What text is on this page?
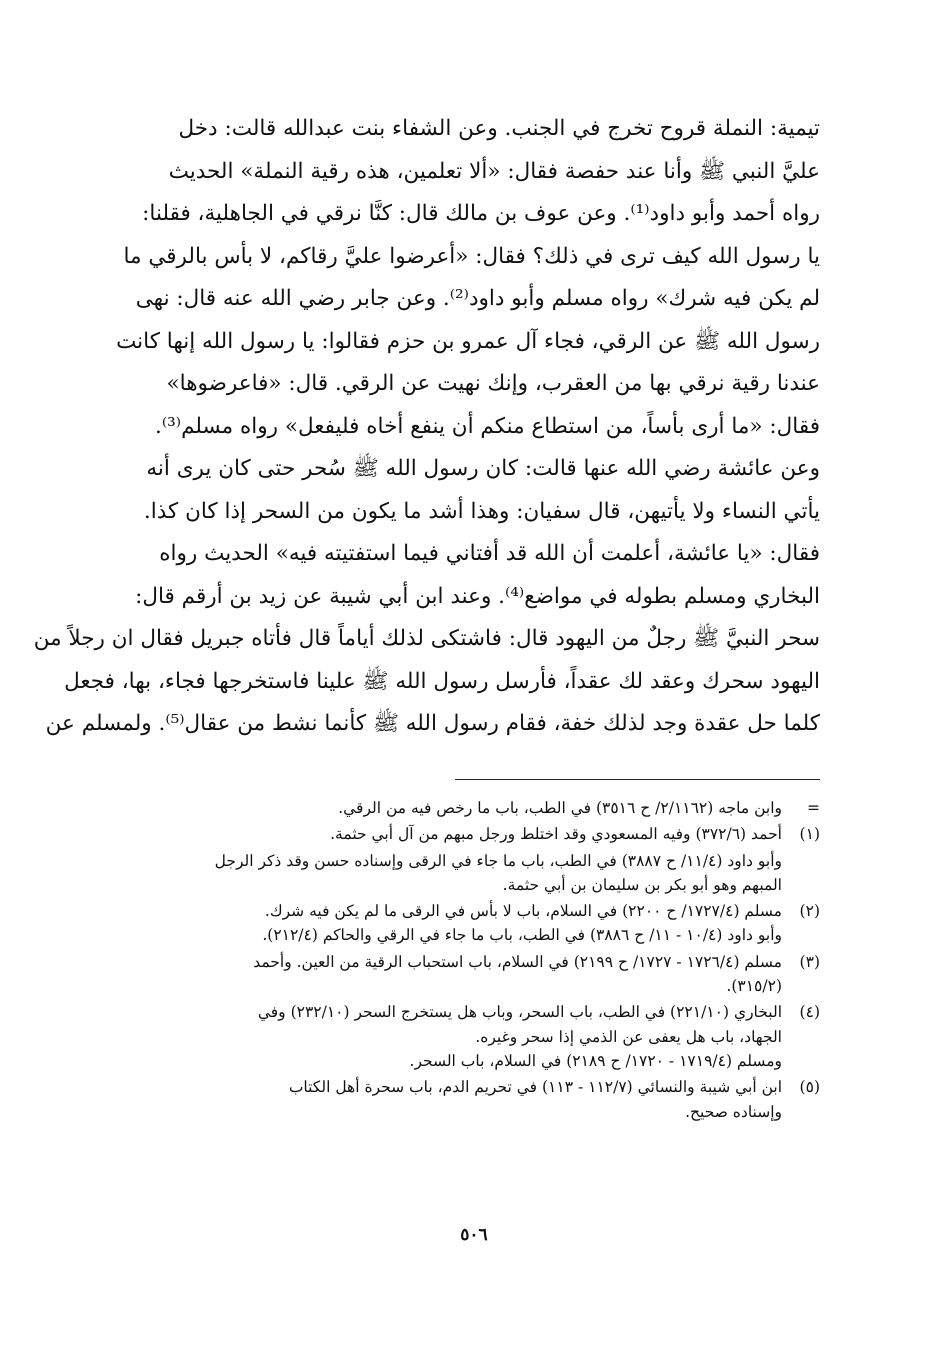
تيمية: النملة قروح تخرج في الجنب. وعن الشفاء بنت عبدالله قالت: دخل
عليَّ النبي ﷺ وأنا عند حفصة فقال: «ألا تعلمين، هذه رقية النملة» الحديث
رواه أحمد وأبو داود⁽¹⁾. وعن عوف بن مالك قال: كنَّا نرقي في الجاهلية، فقلنا:
يا رسول الله كيف ترى في ذلك؟ فقال: «أعرضوا عليَّ رقاكم، لا بأس بالرقي ما
لم يكن فيه شرك» رواه مسلم وأبو داود⁽²⁾. وعن جابر رضي الله عنه قال: نهى
رسول الله ﷺ عن الرقي، فجاء آل عمرو بن حزم فقالوا: يا رسول الله إنها كانت
عندنا رقية نرقي بها من العقرب، وإنك نهيت عن الرقي. قال: «فاعرضوها»
فقال: «ما أرى بأساً، من استطاع منكم أن ينفع أخاه فليفعل» رواه مسلم⁽³⁾.
وعن عائشة رضي الله عنها قالت: كان رسول الله ﷺ سُحر حتى كان يرى أنه
يأتي النساء ولا يأتيهن، قال سفيان: وهذا أشد ما يكون من السحر إذا كان كذا.
فقال: «يا عائشة، أعلمت أن الله قد أفتاني فيما استفتيته فيه» الحديث رواه
البخاري ومسلم بطوله في مواضع⁽⁴⁾. وعند ابن أبي شيبة عن زيد بن أرقم قال:
سحر النبيَّ ﷺ رجلٌ من اليهود قال: فاشتكى لذلك أياماً قال فأتاه جبريل فقال ان رجلاً من
اليهود سحرك وعقد لك عقداً، فأرسل رسول الله ﷺ علينا فاستخرجها فجاء، بها، فجعل
كلما حل عقدة وجد لذلك خفة، فقام رسول الله ﷺ كأنما نشط من عقال⁽⁵⁾. ولمسلم عن
=
وابن ماجه (٢/١١٦٢/ ح ٣٥١٦) في الطب، باب ما رخص فيه من الرقي.
(١)
أحمد (٣٧٢/٦) وفيه المسعودي وقد اختلط ورجل مبهم من آل أبي حثمة.
وأبو داود (١١/٤/ ح ٣٨٨٧) في الطب، باب ما جاء في الرقى وإسناده حسن وقد ذكر الرجل
المبهم وهو أبو بكر بن سليمان بن أبي حثمة.
(٢)
مسلم (١٧٢٧/٤/ ح ٢٢٠٠) في السلام، باب لا بأس في الرقى ما لم يكن فيه شرك.
وأبو داود (١٠/٤ - ١١/ ح ٣٨٨٦) في الطب، باب ما جاء في الرقي والحاكم (٢١٢/٤).
(٣)
مسلم (١٧٢٦/٤ - ١٧٢٧/ ح ٢١٩٩) في السلام، باب استحباب الرقية من العين. وأحمد
(٣١٥/٢).
(٤)
البخاري (٢٢١/١٠) في الطب، باب السحر، وباب هل يستخرج السحر (٢٣٢/١٠) وفي
الجهاد، باب هل يعفى عن الذمي إذا سحر وغيره.
ومسلم (١٧١٩/٤ - ١٧٢٠/ ح ٢١٨٩) في السلام، باب السحر.
(٥)
ابن أبي شيبة والنسائي (١١٢/٧ - ١١٣) في تحريم الدم، باب سحرة أهل الكتاب
وإسناده صحيح.
٥٠٦
